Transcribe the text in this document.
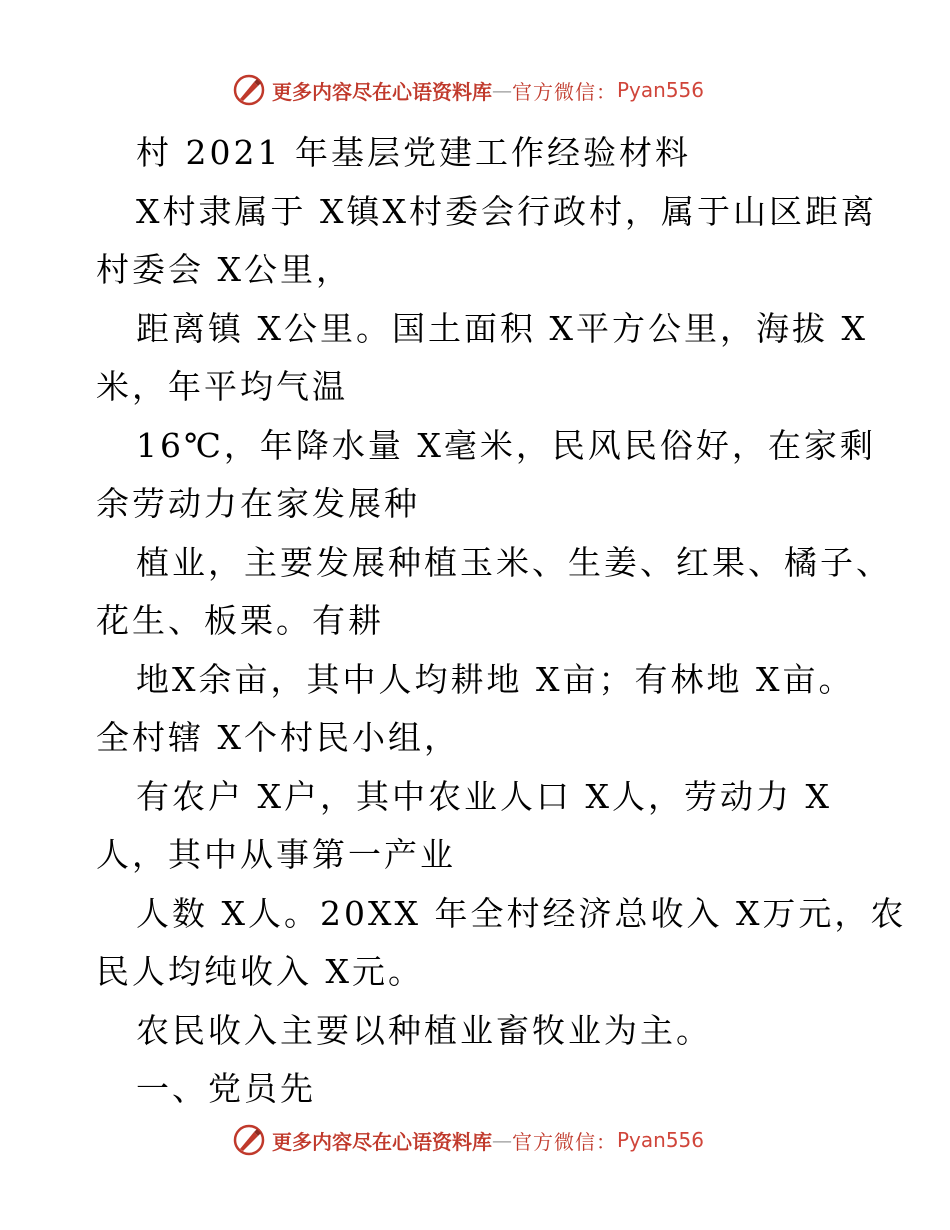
更多内容尽在心语资料库 — 官方微信： Pyan556
村 2021 年基层党建工作经验材料
X村隶属于 X镇X村委会行政村，属于山区距离
村委会 X公里，
距离镇 X公里。国土面积 X平方公里，海拔 X
米，年平均气温
16℃，年降水量 X毫米，民风民俗好，在家剩
余劳动力在家发展种
植业，主要发展种植玉米、生姜、红果、橘子、
花生、板栗。有耕
地X余亩，其中人均耕地 X亩；有林地 X亩。
全村辖 X个村民小组，
有农户 X户，其中农业人口 X人，劳动力 X
人，其中从事第一产业
人数 X人。20XX 年全村经济总收入 X万元，农
民人均纯收入 X元。
农民收入主要以种植业畜牧业为主。
一、党员先
更多内容尽在心语资料库 — 官方微信： Pyan556
